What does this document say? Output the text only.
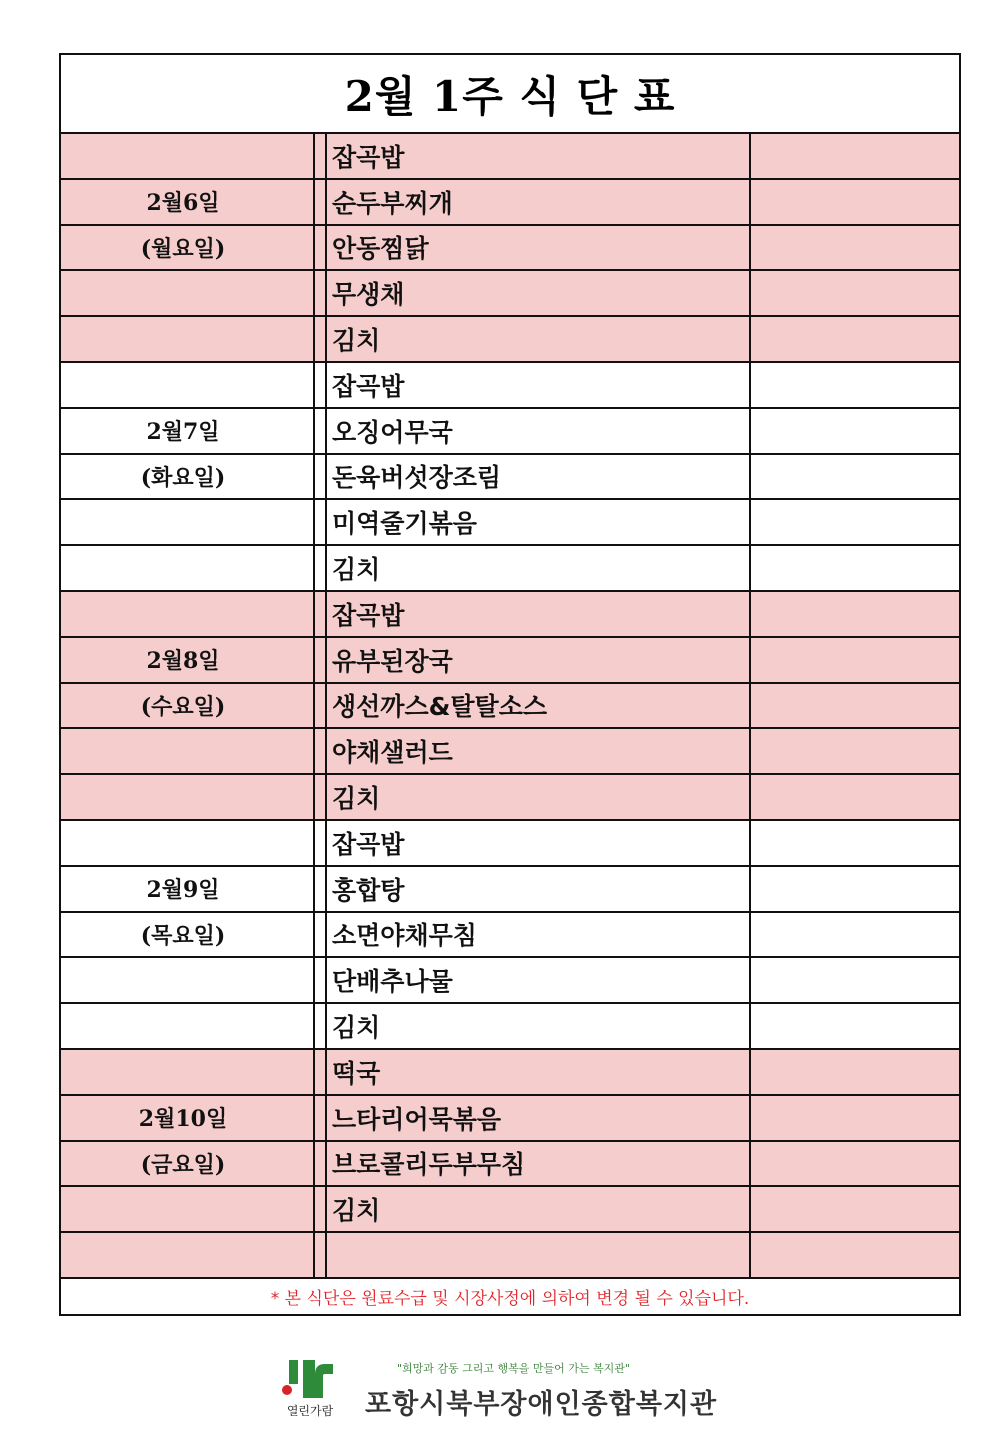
2월 1주 식 단 표
잡곡밥
2월6일	순두부찌개
(월요일)	안동찜닭
무생채
김치
잡곡밥
2월7일	오징어무국
(화요일)	돈육버섯장조림
미역줄기볶음
김치
잡곡밥
2월8일	유부된장국
(수요일)	생선까스&탈탈소스
야채샐러드
김치
잡곡밥
2월9일	홍합탕
(목요일)	소면야채무침
단배추나물
김치
떡국
2월10일	느타리어묵볶음
(금요일)	브로콜리두부무침
김치
* 본 식단은 원료수급 및 시장사정에 의하여 변경 될 수 있습니다.
열린가람
"희망과 감동 그리고 행복을 만들어 가는 복지관"
포항시북부장애인종합복지관
